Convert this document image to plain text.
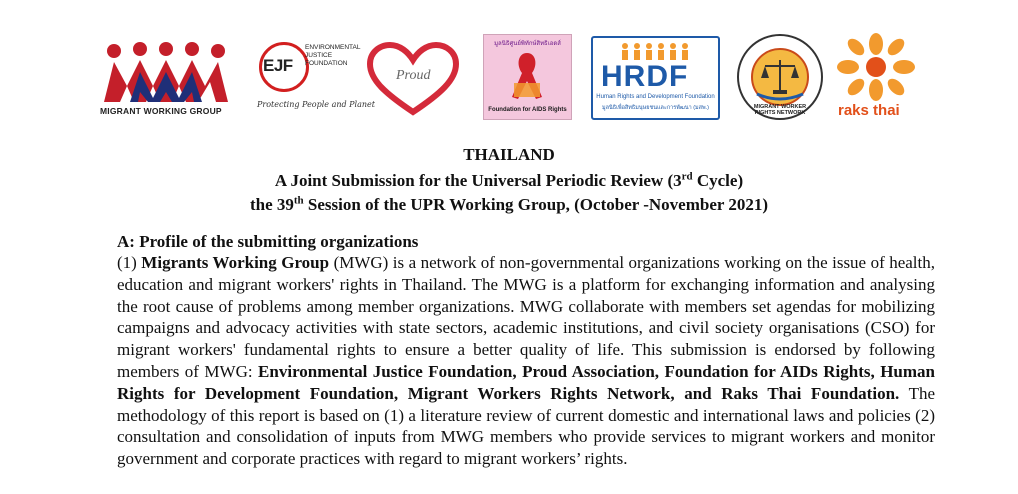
MIGRANT WORKING GROUP
EJF
ENVIRONMENTAL
JUSTICE
FOUNDATION
Protecting People and Planet
Proud
มูลนิธิศูนย์พิทักษ์สิทธิเอดส์
Foundation for AIDS Rights
HRDF
Human Rights and Development Foundation
มูลนิธิเพื่อสิทธิมนุษยชนและการพัฒนา (มสพ.)	MIGRANT WORKER RIGHTS NETWORK	raks thai
THAILAND
A Joint Submission for the Universal Periodic Review (3rd Cycle)
the 39th Session of the UPR Working Group, (October -November 2021)
A: Profile of the submitting organizations
(1) Migrants Working Group (MWG) is a network of non-governmental organizations working on the issue of health, education and migrant workers' rights in Thailand. The MWG is a platform for exchanging information and analysing the root cause of problems among member organizations. MWG collaborate with members set agendas for mobilizing campaigns and advocacy activities with state sectors, academic institutions, and civil society organisations (CSO) for migrant workers' fundamental rights to ensure a better quality of life. This submission is endorsed by following members of MWG: Environmental Justice Foundation, Proud Association, Foundation for AIDs Rights, Human Rights for Development Foundation, Migrant Workers Rights Network, and Raks Thai Foundation. The methodology of this report is based on (1) a literature review of current domestic and international laws and policies (2) consultation and consolidation of inputs from MWG members who provide services to migrant workers and monitor government and corporate practices with regard to migrant workers’ rights.
